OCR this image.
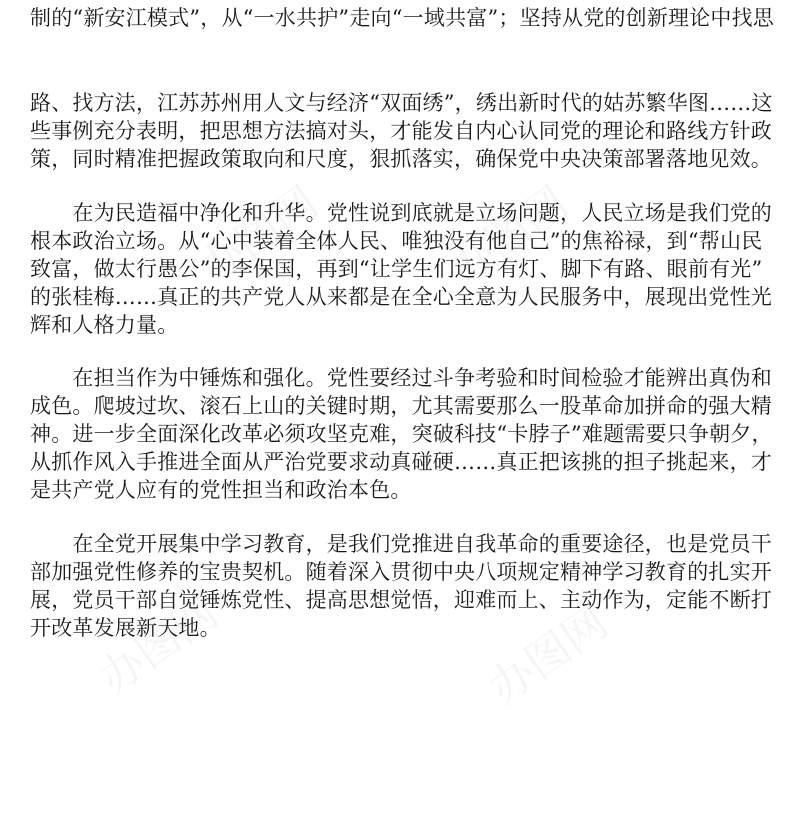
制的“新安江模式”，从“一水共护”走向“一域共富”；坚持从党的创新理论中找思
路、找方法，江苏苏州用人文与经济“双面绣”，绣出新时代的姑苏繁华图……这
些事例充分表明，把思想方法搞对头，才能发自内心认同党的理论和路线方针政
策，同时精准把握政策取向和尺度，狠抓落实，确保党中央决策部署落地见效。
　　在为民造福中净化和升华。党性说到底就是立场问题，人民立场是我们党的
根本政治立场。从“心中装着全体人民、唯独没有他自己”的焦裕禄，到“帮山民
致富，做太行愚公”的李保国，再到“让学生们远方有灯、脚下有路、眼前有光”
的张桂梅……真正的共产党人从来都是在全心全意为人民服务中，展现出党性光
辉和人格力量。
　　在担当作为中锤炼和强化。党性要经过斗争考验和时间检验才能辨出真伪和
成色。爬坡过坎、滚石上山的关键时期，尤其需要那么一股革命加拼命的强大精
神。进一步全面深化改革必须攻坚克难，突破科技“卡脖子”难题需要只争朝夕，
从抓作风入手推进全面从严治党要求动真碰硬……真正把该挑的担子挑起来，才
是共产党人应有的党性担当和政治本色。
　　在全党开展集中学习教育，是我们党推进自我革命的重要途径，也是党员干
部加强党性修养的宝贵契机。随着深入贯彻中央八项规定精神学习教育的扎实开
展，党员干部自觉锤炼党性、提高思想觉悟，迎难而上、主动作为，定能不断打
开改革发展新天地。
